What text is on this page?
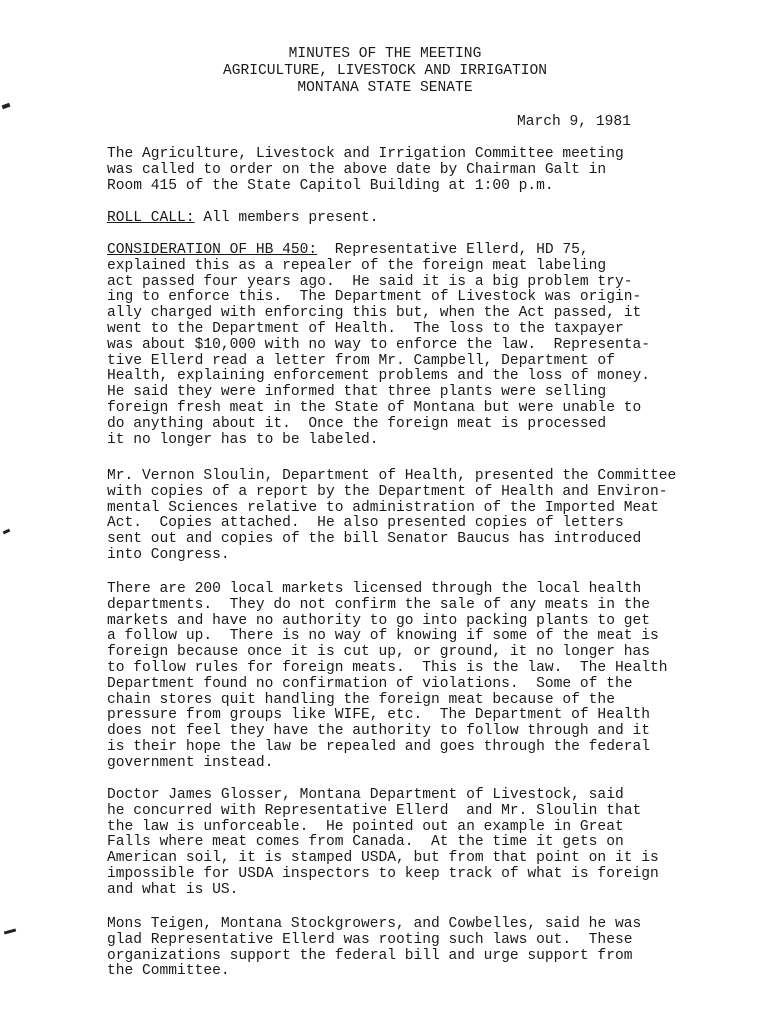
MINUTES OF THE MEETING
AGRICULTURE, LIVESTOCK AND IRRIGATION
MONTANA STATE SENATE
March 9, 1981
The Agriculture, Livestock and Irrigation Committee meeting
was called to order on the above date by Chairman Galt in
Room 415 of the State Capitol Building at 1:00 p.m.
ROLL CALL: All members present.
CONSIDERATION OF HB 450:  Representative Ellerd, HD 75,
explained this as a repealer of the foreign meat labeling
act passed four years ago.  He said it is a big problem try-
ing to enforce this.  The Department of Livestock was origin-
ally charged with enforcing this but, when the Act passed, it
went to the Department of Health.  The loss to the taxpayer
was about $10,000 with no way to enforce the law.  Representa-
tive Ellerd read a letter from Mr. Campbell, Department of
Health, explaining enforcement problems and the loss of money.
He said they were informed that three plants were selling
foreign fresh meat in the State of Montana but were unable to
do anything about it.  Once the foreign meat is processed
it no longer has to be labeled.
Mr. Vernon Sloulin, Department of Health, presented the Committee
with copies of a report by the Department of Health and Environ-
mental Sciences relative to administration of the Imported Meat
Act.  Copies attached.  He also presented copies of letters
sent out and copies of the bill Senator Baucus has introduced
into Congress.
There are 200 local markets licensed through the local health
departments.  They do not confirm the sale of any meats in the
markets and have no authority to go into packing plants to get
a follow up.  There is no way of knowing if some of the meat is
foreign because once it is cut up, or ground, it no longer has
to follow rules for foreign meats.  This is the law.  The Health
Department found no confirmation of violations.  Some of the
chain stores quit handling the foreign meat because of the
pressure from groups like WIFE, etc.  The Department of Health
does not feel they have the authority to follow through and it
is their hope the law be repealed and goes through the federal
government instead.
Doctor James Glosser, Montana Department of Livestock, said
he concurred with Representative Ellerd  and Mr. Sloulin that
the law is unforceable.  He pointed out an example in Great
Falls where meat comes from Canada.  At the time it gets on
American soil, it is stamped USDA, but from that point on it is
impossible for USDA inspectors to keep track of what is foreign
and what is US.
Mons Teigen, Montana Stockgrowers, and Cowbelles, said he was
glad Representative Ellerd was rooting such laws out.  These
organizations support the federal bill and urge support from
the Committee.
